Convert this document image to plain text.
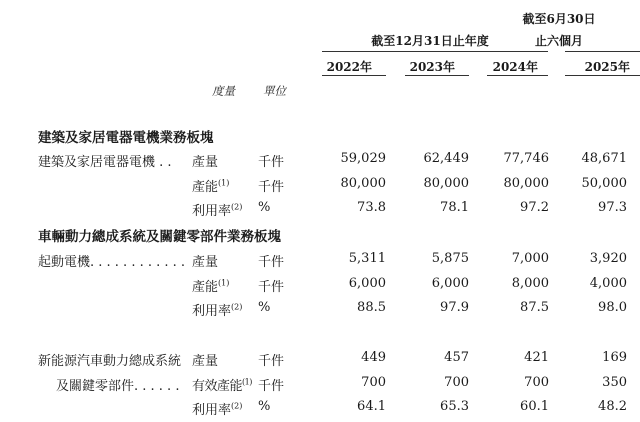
截至6月30日
截至12月31日止年度	止六個月
2022年	2023年	2024年	2025年
度量 單位
建築及家居電器電機業務板塊
建築及家居電器電機 . . 產量	千件	59,029	62,449	77,746	48,671
產能$^{(1)}$ 千件	80,000	80,000	80,000	50,000
利用率$^{(2)}$ %	73.8	78.1	97.2	97.3
車輛動力總成系統及關鍵零部件業務板塊
起動電機. . . . . . . . . . . . 產量	千件	5,311	5,875	7,000	3,920
產能$^{(1)}$ 千件	6,000	6,000	8,000	4,000
利用率$^{(2)}$ %	88.5	97.9	87.5	98.0
新能源汽車動力總成系統
及關鍵零部件. . . . . .
產量	千件	449	457	421	169
有效產能$^{(1)}$ 千件	700	700	700	350
利用率$^{(2)}$ %	64.1	65.3	60.1	48.2
